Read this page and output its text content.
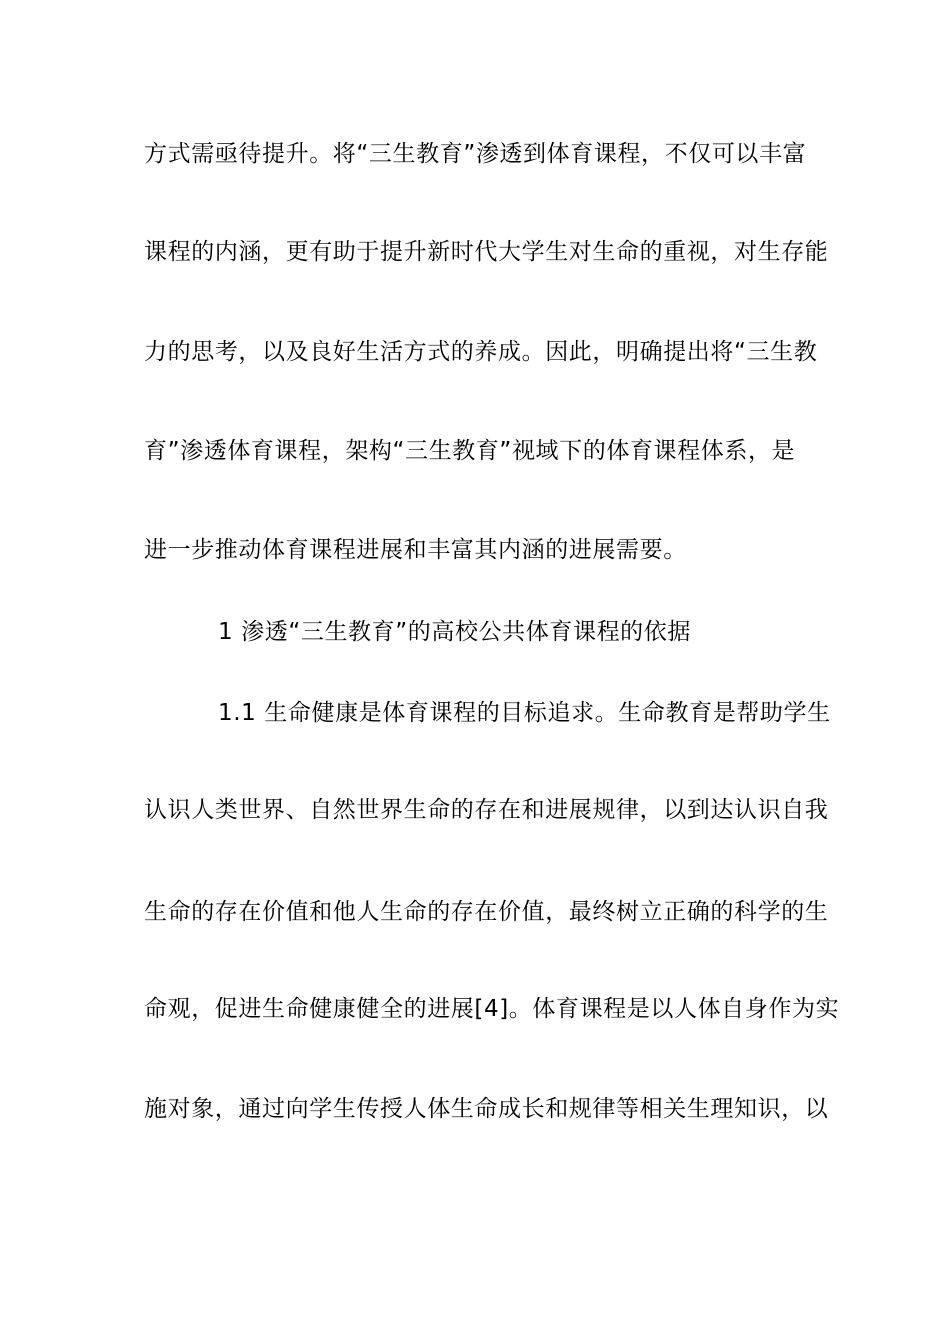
方式需亟待提升。将“三生教育”渗透到体育课程，不仅可以丰富
课程的内涵，更有助于提升新时代大学生对生命的重视，对生存能
力的思考，以及良好生活方式的养成。因此，明确提出将“三生教
育”渗透体育课程，架构“三生教育”视域下的体育课程体系，是
进一步推动体育课程进展和丰富其内涵的进展需要。
1 渗透“三生教育”的高校公共体育课程的依据
1.1 生命健康是体育课程的目标追求。生命教育是帮助学生
认识人类世界、自然世界生命的存在和进展规律，以到达认识自我
生命的存在价值和他人生命的存在价值，最终树立正确的科学的生
命观，促进生命健康健全的进展[4]。体育课程是以人体自身作为实
施对象，通过向学生传授人体生命成长和规律等相关生理知识，以
